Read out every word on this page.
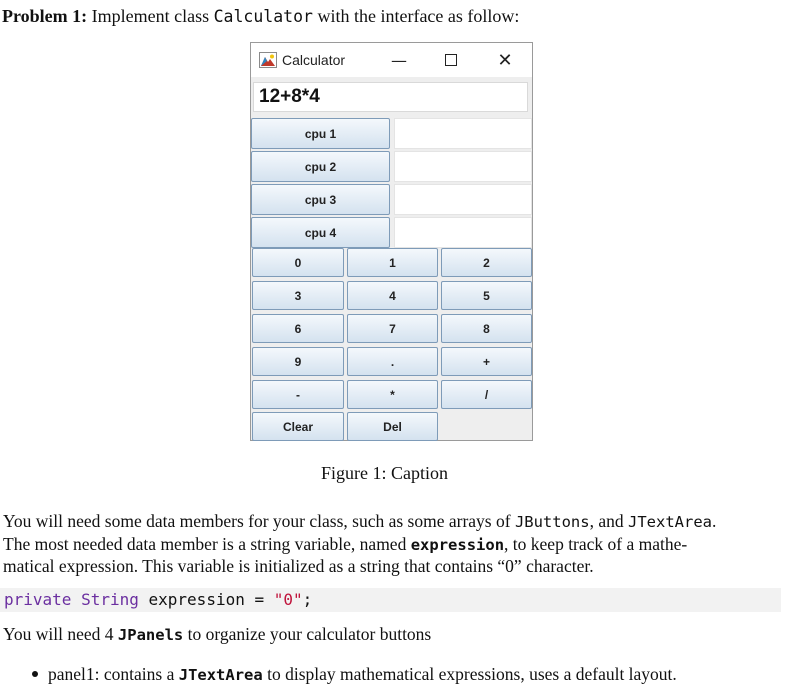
Problem 1: Implement class Calculator with the interface as follow:
Calculator	—	✕
12+8*4
cpu 1
cpu 2
cpu 3
cpu 4
0	1	2
3	4	5
6	7	8
9	.	+
-	*	/
Clear	Del
Figure 1: Caption
You will need some data members for your class, such as some arrays of JButtons, and JTextArea.
The most needed data member is a string variable, named expression, to keep track of a mathe-
matical expression. This variable is initialized as a string that contains “0” character.
private String expression = "0";
You will need 4 JPanels to organize your calculator buttons
panel1: contains a JTextArea to display mathematical expressions, uses a default layout.
